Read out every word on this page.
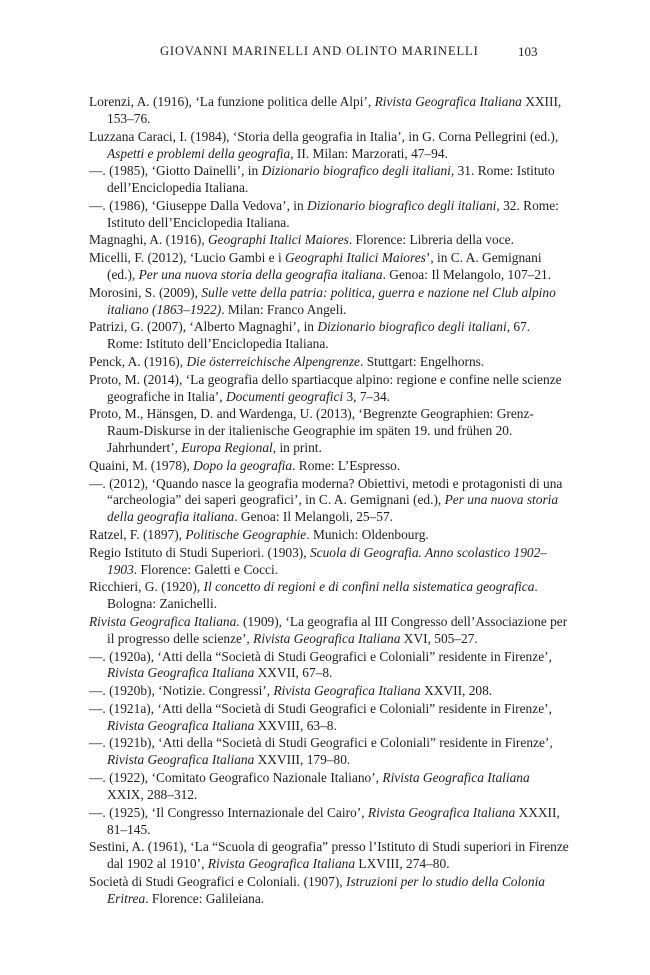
GIOVANNI MARINELLI AND OLINTO MARINELLI	103
Lorenzi, A. (1916), ‘La funzione politica delle Alpi’, Rivista Geografica Italiana XXIII, 153–76.
Luzzana Caraci, I. (1984), ‘Storia della geografia in Italia’, in G. Corna Pellegrini (ed.), Aspetti e problemi della geografia, II. Milan: Marzorati, 47–94.
—. (1985), ‘Giotto Dainelli’, in Dizionario biografico degli italiani, 31. Rome: Istituto dell’Enciclopedia Italiana.
—. (1986), ‘Giuseppe Dalla Vedova’, in Dizionario biografico degli italiani, 32. Rome: Istituto dell’Enciclopedia Italiana.
Magnaghi, A. (1916), Geographi Italici Maiores. Florence: Libreria della voce.
Micelli, F. (2012), ‘Lucio Gambi e i Geographi Italici Maiores’, in C. A. Gemignani (ed.), Per una nuova storia della geografia italiana. Genoa: Il Melangolo, 107–21.
Morosini, S. (2009), Sulle vette della patria: politica, guerra e nazione nel Club alpino italiano (1863–1922). Milan: Franco Angeli.
Patrizi, G. (2007), ‘Alberto Magnaghi’, in Dizionario biografico degli italiani, 67. Rome: Istituto dell’Enciclopedia Italiana.
Penck, A. (1916), Die österreichische Alpengrenze. Stuttgart: Engelhorns.
Proto, M. (2014), ‘La geografia dello spartiacque alpino: regione e confine nelle scienze geografiche in Italia’, Documenti geografici 3, 7–34.
Proto, M., Hänsgen, D. and Wardenga, U. (2013), ‘Begrenzte Geographien: Grenz-Raum-Diskurse in der italienische Geographie im späten 19. und frühen 20. Jahrhundert’, Europa Regional, in print.
Quaini, M. (1978), Dopo la geografia. Rome: L’Espresso.
—. (2012), ‘Quando nasce la geografia moderna? Obiettivi, metodi e protagonisti di una “archeologia” dei saperi geografici’, in C. A. Gemignani (ed.), Per una nuova storia della geografia italiana. Genoa: Il Melangoli, 25–57.
Ratzel, F. (1897), Politische Geographie. Munich: Oldenbourg.
Regio Istituto di Studi Superiori. (1903), Scuola di Geografia. Anno scolastico 1902–1903. Florence: Galetti e Cocci.
Ricchieri, G. (1920), Il concetto di regioni e di confini nella sistematica geografica. Bologna: Zanichelli.
Rivista Geografica Italiana. (1909), ‘La geografia al III Congresso dell’Associazione per il progresso delle scienze’, Rivista Geografica Italiana XVI, 505–27.
—. (1920a), ‘Atti della “Società di Studi Geografici e Coloniali” residente in Firenze’, Rivista Geografica Italiana XXVII, 67–8.
—. (1920b), ‘Notizie. Congressi’, Rivista Geografica Italiana XXVII, 208.
—. (1921a), ‘Atti della “Società di Studi Geografici e Coloniali” residente in Firenze’, Rivista Geografica Italiana XXVIII, 63–8.
—. (1921b), ‘Atti della “Società di Studi Geografici e Coloniali” residente in Firenze’, Rivista Geografica Italiana XXVIII, 179–80.
—. (1922), ‘Comitato Geografico Nazionale Italiano’, Rivista Geografica Italiana XXIX, 288–312.
—. (1925), ‘Il Congresso Internazionale del Cairo’, Rivista Geografica Italiana XXXII, 81–145.
Sestini, A. (1961), ‘La “Scuola di geografia” presso l’Istituto di Studi superiori in Firenze dal 1902 al 1910’, Rivista Geografica Italiana LXVIII, 274–80.
Società di Studi Geografici e Coloniali. (1907), Istruzioni per lo studio della Colonia Eritrea. Florence: Galileiana.
